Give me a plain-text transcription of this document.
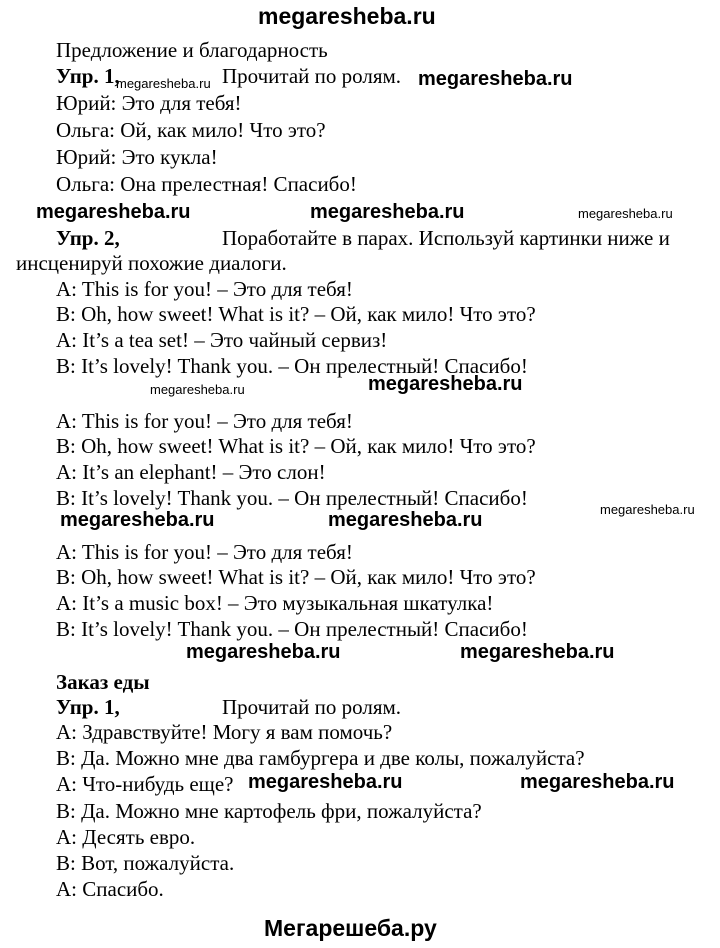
megaresheba.ru
Предложение и благодарность
Упр. 1,	Прочитай по ролям.
Юрий: Это для тебя!
Ольга: Ой, как мило! Что это?
Юрий: Это кукла!
Ольга: Она прелестная! Спасибо!
Упр. 2,	Поработайте в парах. Используй картинки ниже и
инсценируй похожие диалоги.
A: This is for you! – Это для тебя!
B: Oh, how sweet! What is it? – Ой, как мило! Что это?
A: It’s a tea set! – Это чайный сервиз!
B: It’s lovely! Thank you. – Он прелестный! Спасибо!
A: This is for you! – Это для тебя!
B: Oh, how sweet! What is it? – Ой, как мило! Что это?
A: It’s an elephant! – Это слон!
B: It’s lovely! Thank you. – Он прелестный! Спасибо!
A: This is for you! – Это для тебя!
B: Oh, how sweet! What is it? – Ой, как мило! Что это?
A: It’s a music box! – Это музыкальная шкатулка!
B: It’s lovely! Thank you. – Он прелестный! Спасибо!
Заказ еды
Упр. 1,	Прочитай по ролям.
A: Здравствуйте! Могу я вам помочь?
B: Да. Можно мне два гамбургера и две колы, пожалуйста?
A: Что-нибудь еще?
B: Да. Можно мне картофель фри, пожалуйста?
A: Десять евро.
B: Вот, пожалуйста.
A: Спасибо.
megaresheba.ru
megaresheba.ru	megaresheba.ru
megaresheba.ru
megaresheba.ru	megaresheba.ru
megaresheba.ru	megaresheba.ru
megaresheba.ru	megaresheba.ru
megaresheba.ru
megaresheba.ru
megaresheba.ru
megaresheba.ru
Мегарешеба.ру
